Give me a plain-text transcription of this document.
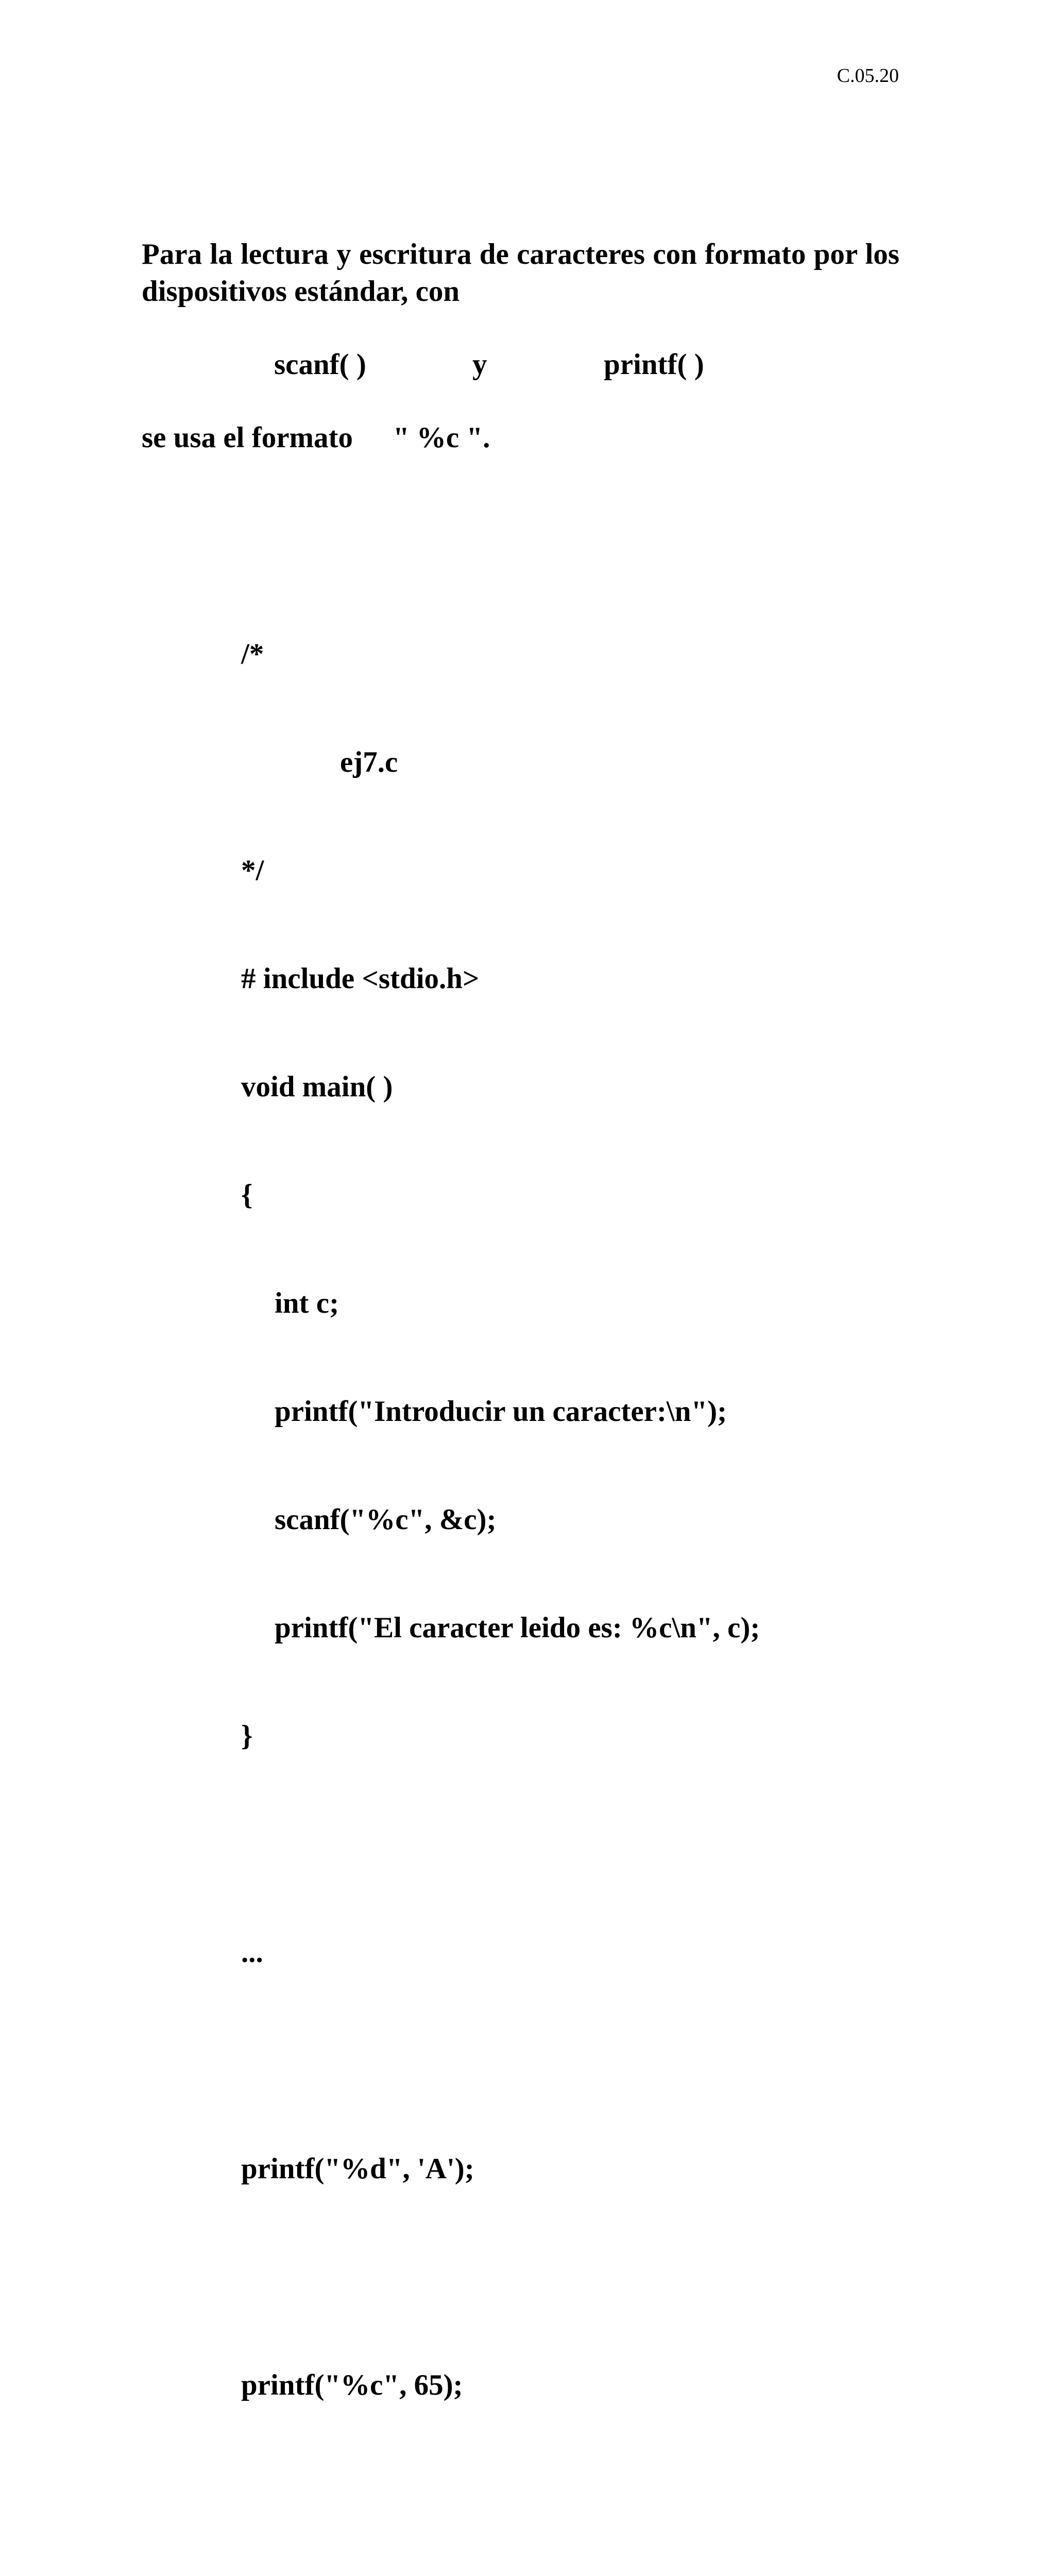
C.05.20

Para la lectura y escritura de caracteres con formato por los dispositivos estándar, con

scanf( )	y	printf( )
se usa el formato " %c ".

/*

ej7.c

*/

# include <stdio.h>

void main( )

{

int c;

printf("Introducir un caracter:\n");

scanf("%c", &c);

printf("El caracter leido es: %c\n", c);

}

...

printf("%d", 'A');

printf("%c", 65);
